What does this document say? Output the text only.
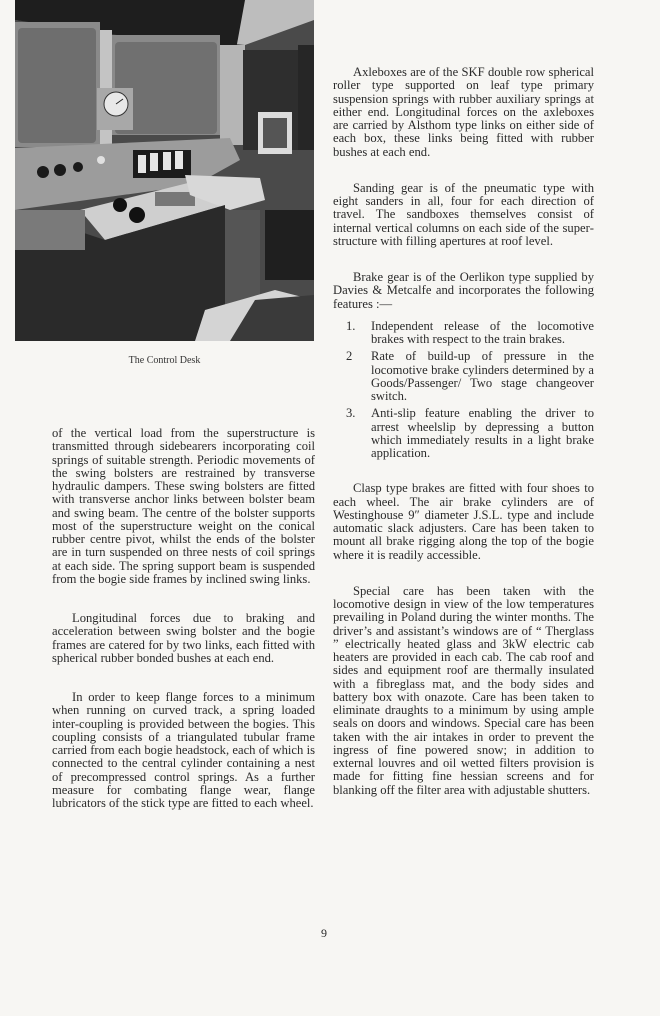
The Control Desk

of the vertical load from the superstructure is transmitted through sidebearers incorporating coil springs of suitable strength. Periodic movements of the swing bolsters are restrained by transverse hydraulic dampers. These swing bolsters are fitted with transverse anchor links between bolster beam and swing beam. The centre of the bolster supports most of the superstructure weight on the conical rubber centre pivot, whilst the ends of the bolster are in turn suspended on three nests of coil springs at each side. The spring support beam is suspended from the bogie side frames by inclined swing links.

Longitudinal forces due to braking and acceleration between swing bolster and the bogie frames are catered for by two links, each fitted with spherical rubber bonded bushes at each end.

In order to keep flange forces to a minimum when running on curved track, a spring loaded inter-coupling is provided between the bogies. This coupling consists of a triangulated tubular frame carried from each bogie headstock, each of which is connected to the central cylinder containing a nest of precompressed control springs. As a further measure for combating flange wear, flange lubricators of the stick type are fitted to each wheel.

Axleboxes are of the SKF double row spherical roller type supported on leaf type primary suspension springs with rubber auxiliary springs at either end. Longitudinal forces on the axleboxes are carried by Alsthom type links on either side of each box, these links being fitted with rubber bushes at each end.

Sanding gear is of the pneumatic type with eight sanders in all, four for each direction of travel. The sandboxes themselves consist of internal vertical columns on each side of the superstructure with filling apertures at roof level.

Brake gear is of the Oerlikon type supplied by Davies & Metcalfe and incorporates the following features :—

1. Independent release of the locomotive brakes with respect to the train brakes.
2 Rate of build-up of pressure in the locomotive brake cylinders determined by a Goods/Passenger/ Two stage changeover switch.
3. Anti-slip feature enabling the driver to arrest wheelslip by depressing a button which immediately results in a light brake application.

Clasp type brakes are fitted with four shoes to each wheel. The air brake cylinders are of Westinghouse 9″ diameter J.S.L. type and include automatic slack adjusters. Care has been taken to mount all brake rigging along the top of the bogie where it is readily accessible.

Special care has been taken with the locomotive design in view of the low temperatures prevailing in Poland during the winter months. The driver’s and assistant’s windows are of “ Therglass ” electrically heated glass and 3kW electric cab heaters are provided in each cab. The cab roof and sides and equipment roof are thermally insulated with a fibreglass mat, and the body sides and battery box with onazote. Care has been taken to eliminate draughts to a minimum by using ample seals on doors and windows. Special care has been taken with the air intakes in order to prevent the ingress of fine powered snow; in addition to external louvres and oil wetted filters provision is made for fitting fine hessian screens and for blanking off the filter area with adjustable shutters.

9
